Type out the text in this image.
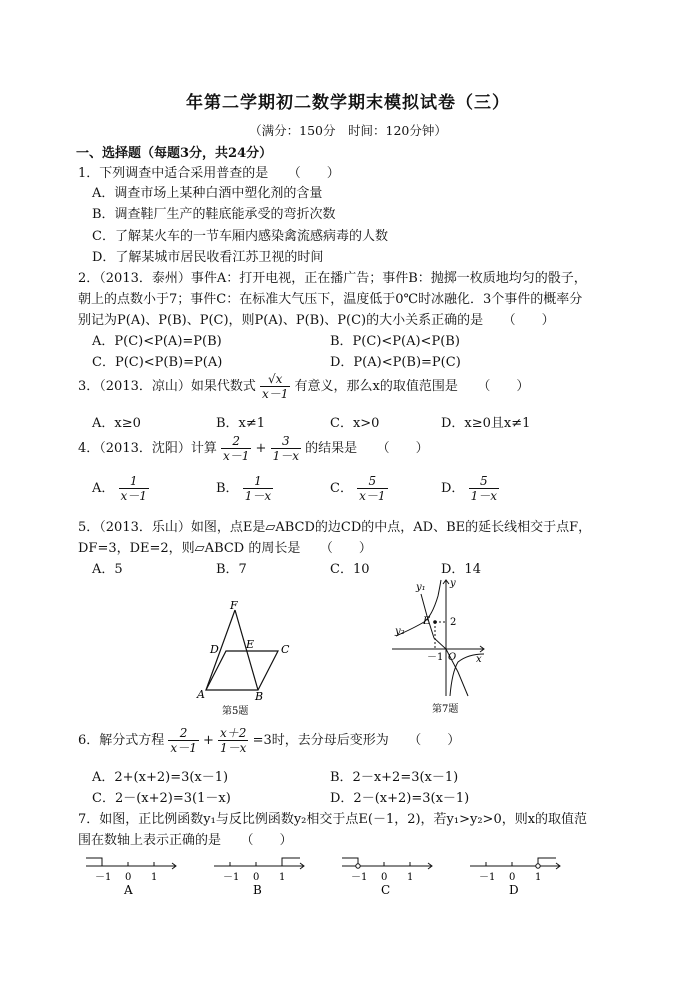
年第二学期初二数学期末模拟试卷（三）
（满分：150分　时间：120分钟）
一、选择题（每题3分，共24分）
1．下列调查中适合采用普查的是　　（　　）
A．调查市场上某种白酒中塑化剂的含量
B．调查鞋厂生产的鞋底能承受的弯折次数
C．了解某火车的一节车厢内感染禽流感病毒的人数
D．了解某城市居民收看江苏卫视的时间
2．（2013．泰州）事件A：打开电视，正在播广告；事件B：抛掷一枚质地均匀的骰子，
朝上的点数小于7；事件C：在标准大气压下，温度低于0℃时冰融化．3个事件的概率分
别记为P(A)、P(B)、P(C)，则P(A)、P(B)、P(C)的大小关系正确的是　　（　　）
A．P(C)<P(A)=P(B)	B．P(C)<P(A)<P(B)
C．P(C)<P(B)=P(A)	D．P(A)<P(B)=P(C)
3．（2013．凉山）如果代数式 $\frac{√x}{x-1}$ 有意义，那么x的取值范围是　　（　　）
A．x≥0	B．x≠1	C．x>0	D．x≥0且x≠1
4．（2013．沈阳）计算 $\frac{2}{x-1} + \frac{3}{1-x}$ 的结果是　　（　　）
A． $\frac{1}{x-1}$	B． $\frac{1}{1-x}$	C． $\frac{5}{x-1}$	D． $\frac{5}{1-x}$
5．（2013．乐山）如图，点E是▱ABCD的边CD的中点，AD、BE的延长线相交于点F，
DF=3，DE=2，则▱ABCD 的周长是　　（　　）
A．5	B．7	C．10	D．14
F
E
D	C
A	B
第5题
y₁ y
E 2
y₂
－1 O x
第7题
6．解分式方程 $\frac{2}{x-1} + \frac{x+2}{1-x} =3$时，去分母后变形为　　（　　）
A．2+(x+2)=3(x－1)	B．2－x+2=3(x－1)
C．2－(x+2)=3(1－x)	D．2－(x+2)=3(x－1)
7．如图，正比例函数y₁与反比例函数y₂相交于点E(－1，2)，若y₁>y₂>0，则x的取值范
围在数轴上表示正确的是　　（　　）
－1 0 1
A
－1 0 1
B
－1 0 1
C
－1 0 1
D
